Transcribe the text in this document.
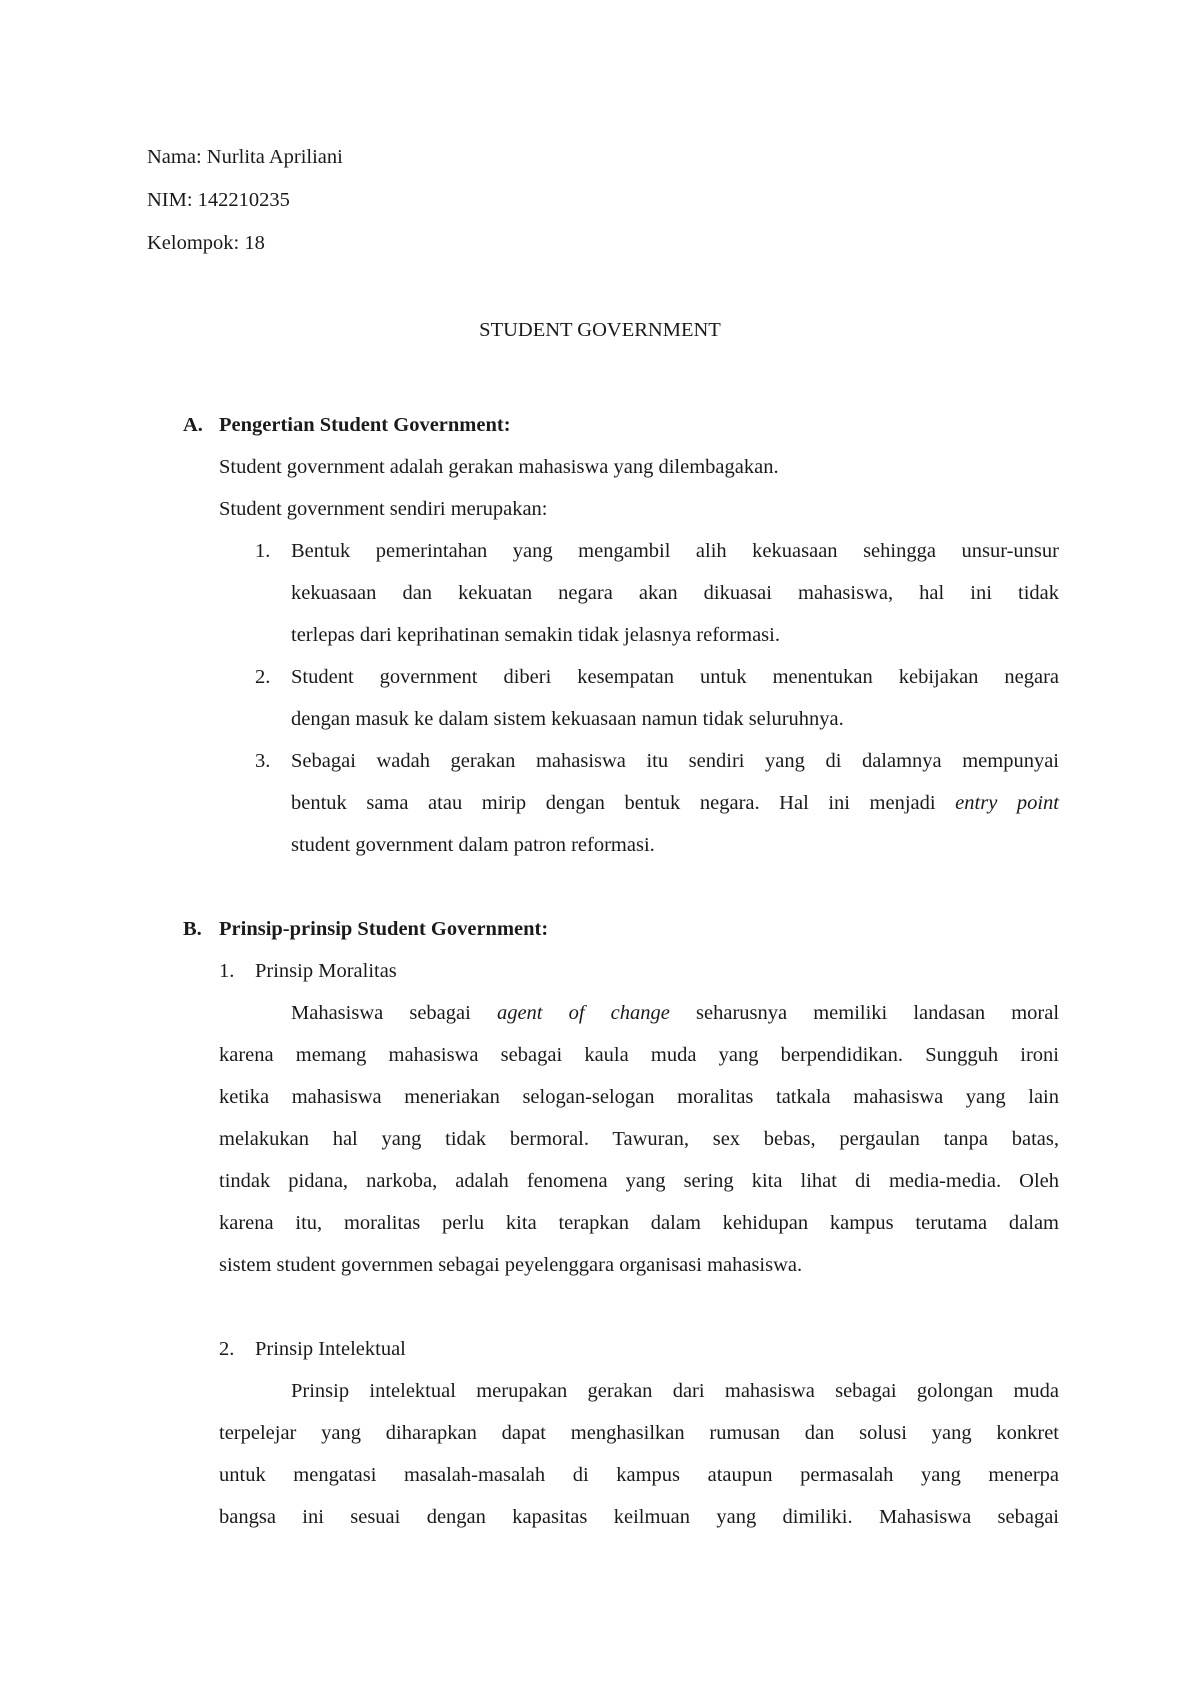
Nama: Nurlita Apriliani
NIM: 142210235
Kelompok: 18
STUDENT GOVERNMENT
A. Pengertian Student Government:
Student government adalah gerakan mahasiswa yang dilembagakan.
Student government sendiri merupakan:
1. Bentuk pemerintahan yang mengambil alih kekuasaan sehingga unsur-unsur
kekuasaan dan kekuatan negara akan dikuasai mahasiswa, hal ini tidak
terlepas dari keprihatinan semakin tidak jelasnya reformasi.
2. Student government diberi kesempatan untuk menentukan kebijakan negara
dengan masuk ke dalam sistem kekuasaan namun tidak seluruhnya.
3. Sebagai wadah gerakan mahasiswa itu sendiri yang di dalamnya mempunyai
bentuk sama atau mirip dengan bentuk negara. Hal ini menjadi entry point
student government dalam patron reformasi.
B. Prinsip-prinsip Student Government:
1. Prinsip Moralitas
Mahasiswa sebagai agent of change seharusnya memiliki landasan moral
karena memang mahasiswa sebagai kaula muda yang berpendidikan. Sungguh ironi
ketika mahasiswa meneriakan selogan-selogan moralitas tatkala mahasiswa yang lain
melakukan hal yang tidak bermoral. Tawuran, sex bebas, pergaulan tanpa batas,
tindak pidana, narkoba, adalah fenomena yang sering kita lihat di media-media. Oleh
karena itu, moralitas perlu kita terapkan dalam kehidupan kampus terutama dalam
sistem student governmen sebagai peyelenggara organisasi mahasiswa.
2. Prinsip Intelektual
Prinsip intelektual merupakan gerakan dari mahasiswa sebagai golongan muda
terpelejar yang diharapkan dapat menghasilkan rumusan dan solusi yang konkret
untuk mengatasi masalah-masalah di kampus ataupun permasalah yang menerpa
bangsa ini sesuai dengan kapasitas keilmuan yang dimiliki. Mahasiswa sebagai
